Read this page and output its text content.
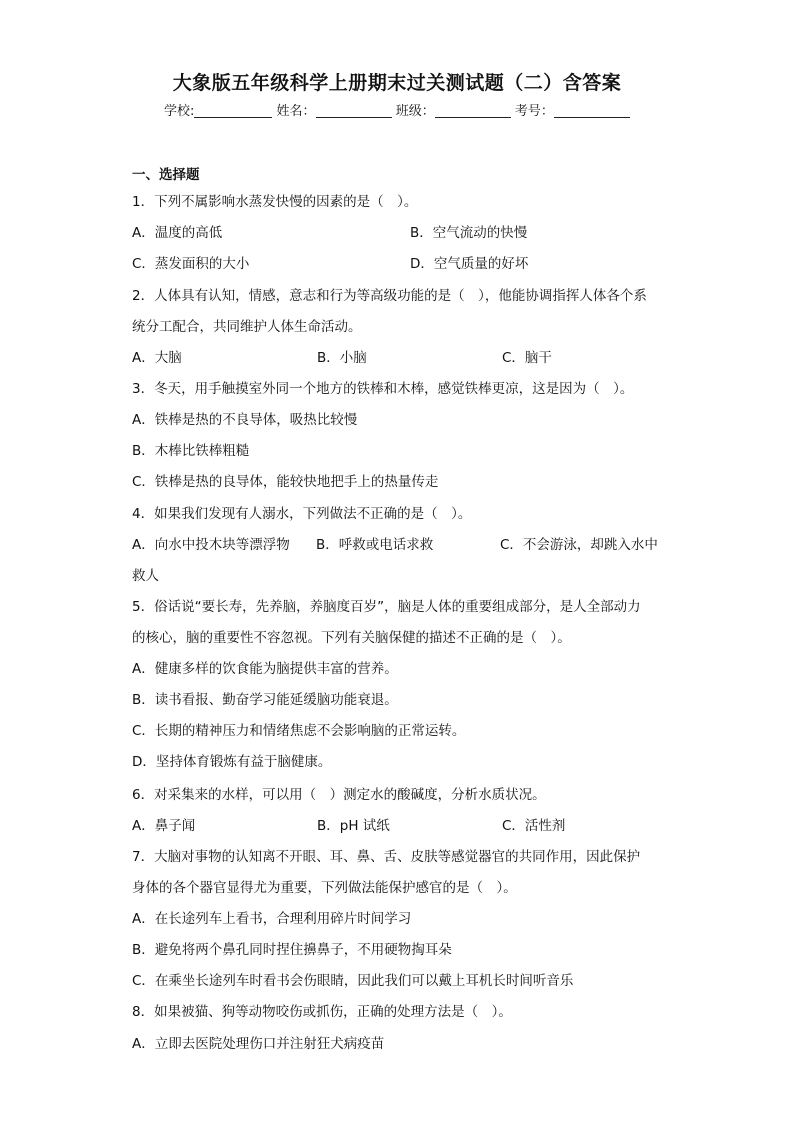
大象版五年级科学上册期末过关测试题（二）含答案
学校:	姓名：	班级：	考号：
一、选择题
1．下列不属影响水蒸发快慢的因素的是（　）。
A．温度的高低	B．空气流动的快慢
C．蒸发面积的大小	D．空气质量的好坏
2．人体具有认知，情感，意志和行为等高级功能的是（　），他能协调指挥人体各个系
统分工配合，共同维护人体生命活动。
A．大脑	B．小脑	C．脑干
3．冬天，用手触摸室外同一个地方的铁棒和木棒，感觉铁棒更凉，这是因为（　）。
A．铁棒是热的不良导体，吸热比较慢
B．木棒比铁棒粗糙
C．铁棒是热的良导体，能较快地把手上的热量传走
4．如果我们发现有人溺水，下列做法不正确的是（　）。
A．向水中投木块等漂浮物 B．呼救或电话求救	C．不会游泳，却跳入水中
救人
5．俗话说“要长寿，先养脑，养脑度百岁”，脑是人体的重要组成部分，是人全部动力
的核心，脑的重要性不容忽视。下列有关脑保健的描述不正确的是（　）。
A．健康多样的饮食能为脑提供丰富的营养。
B．读书看报、勤奋学习能延缓脑功能衰退。
C．长期的精神压力和情绪焦虑不会影响脑的正常运转。
D．坚持体育锻炼有益于脑健康。
6．对采集来的水样，可以用（　）测定水的酸碱度，分析水质状况。
A．鼻子闻	B．pH 试纸	C．活性剂
7．大脑对事物的认知离不开眼、耳、鼻、舌、皮肤等感觉器官的共同作用，因此保护
身体的各个器官显得尤为重要，下列做法能保护感官的是（　）。
A．在长途列车上看书，合理利用碎片时间学习
B．避免将两个鼻孔同时捏住擤鼻子，不用硬物掏耳朵
C．在乘坐长途列车时看书会伤眼睛，因此我们可以戴上耳机长时间听音乐
8．如果被猫、狗等动物咬伤或抓伤，正确的处理方法是（　）。
A．立即去医院处理伤口并注射狂犬病疫苗
